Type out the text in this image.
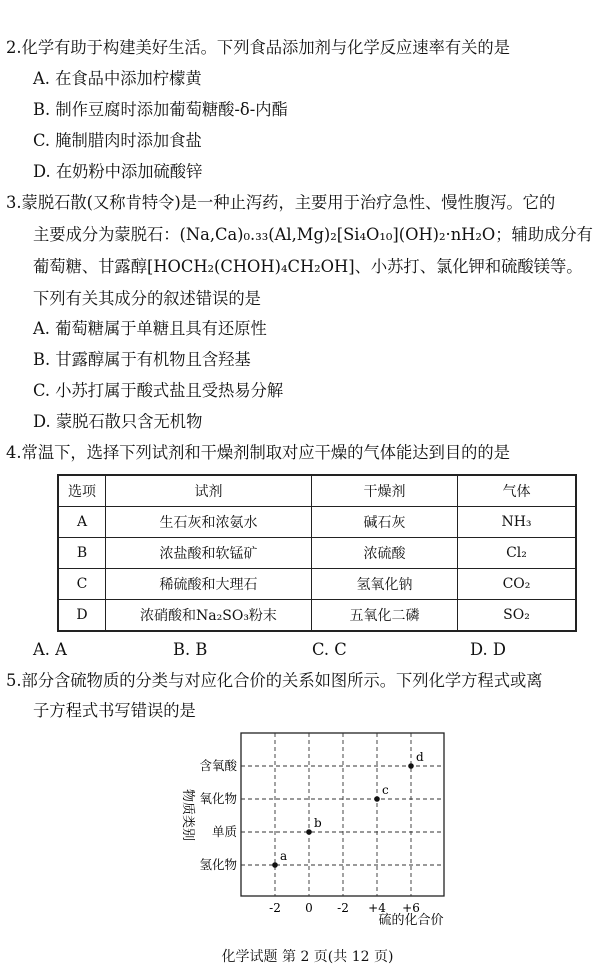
2.化学有助于构建美好生活。下列食品添加剂与化学反应速率有关的是
A. 在食品中添加柠檬黄
B. 制作豆腐时添加葡萄糖酸-δ-内酯
C. 腌制腊肉时添加食盐
D. 在奶粉中添加硫酸锌
3.蒙脱石散(又称肯特令)是一种止泻药，主要用于治疗急性、慢性腹泻。它的
主要成分为蒙脱石：(Na,Ca)₀.₃₃(Al,Mg)₂[Si₄O₁₀](OH)₂·nH₂O；辅助成分有
葡萄糖、甘露醇[HOCH₂(CHOH)₄CH₂OH]、小苏打、氯化钾和硫酸镁等。
下列有关其成分的叙述错误的是
A. 葡萄糖属于单糖且具有还原性
B. 甘露醇属于有机物且含羟基
C. 小苏打属于酸式盐且受热易分解
D. 蒙脱石散只含无机物
4.常温下，选择下列试剂和干燥剂制取对应干燥的气体能达到目的的是
选项	试剂	干燥剂	气体
A	生石灰和浓氨水	碱石灰	NH₃
B	浓盐酸和软锰矿	浓硫酸	Cl₂
C	稀硫酸和大理石	氢氧化钠	CO₂
D	浓硝酸和Na₂SO₃粉末	五氧化二磷	SO₂
A. A	B. B	C. C	D. D
5.部分含硫物质的分类与对应化合价的关系如图所示。下列化学方程式或离
子方程式书写错误的是
氢化物
单质
氧化物
含氧酸
-2 0 -2 +4 +6
a
b
c
d
物质类别
硫的化合价
化学试题 第 2 页(共 12 页)
